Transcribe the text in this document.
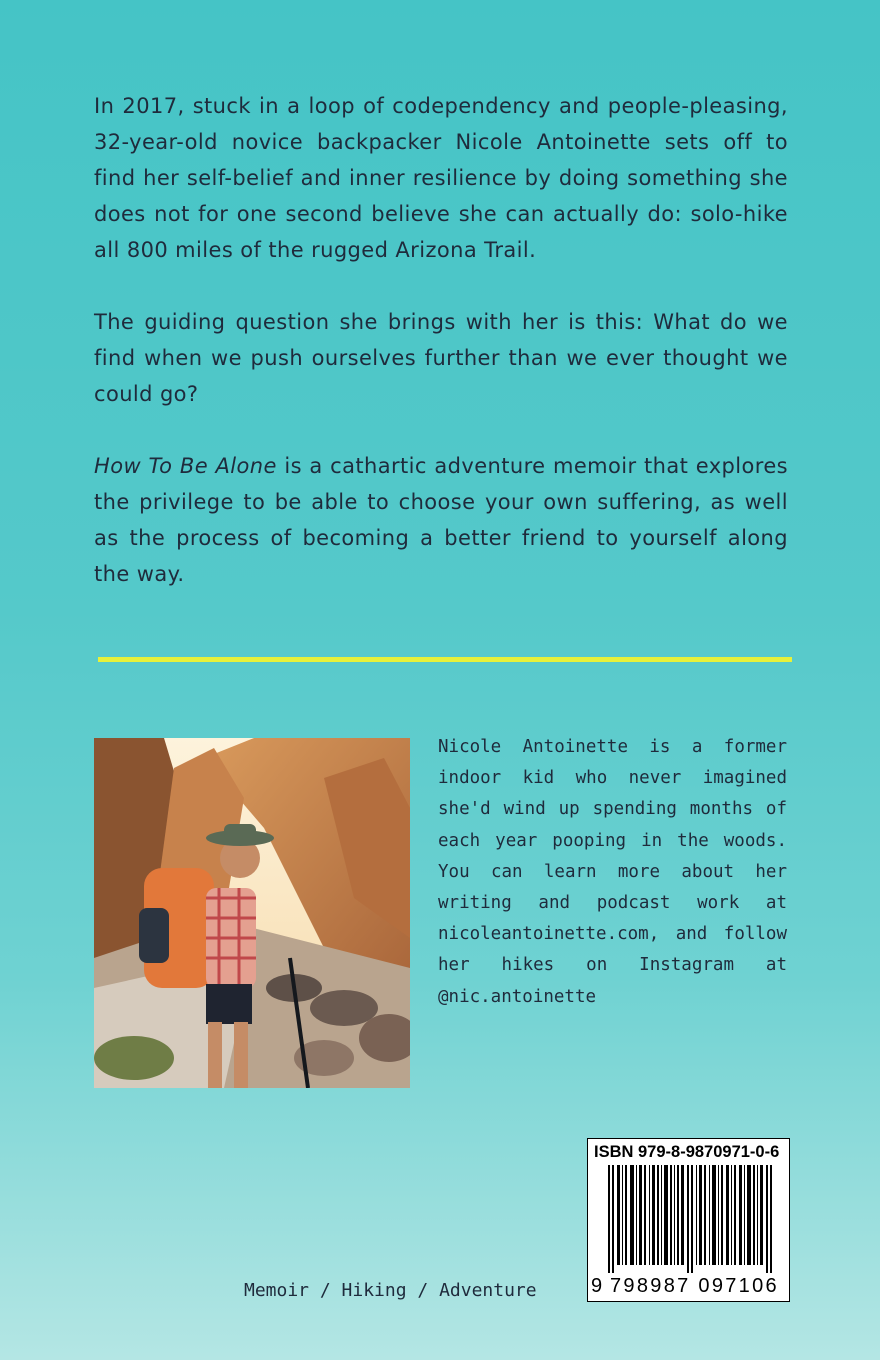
In 2017, stuck in a loop of codependency and people-pleasing, 32-year-old novice backpacker Nicole Antoinette sets off to find her self-belief and inner resilience by doing something she does not for one second believe she can actually do: solo-hike all 800 miles of the rugged Arizona Trail.

The guiding question she brings with her is this: What do we find when we push ourselves further than we ever thought we could go?

How To Be Alone is a cathartic adventure memoir that explores the privilege to be able to choose your own suffering, as well as the process of becoming a better friend to yourself along the way.

Nicole Antoinette is a former indoor kid who never imagined she'd wind up spending months of each year pooping in the woods. You can learn more about her writing and podcast work at nicoleantoinette.com, and follow her hikes on Instagram at @nic.antoinette
Memoir / Hiking / Adventure
ISBN 979-8-9870971-0-6
9 798987 097106
